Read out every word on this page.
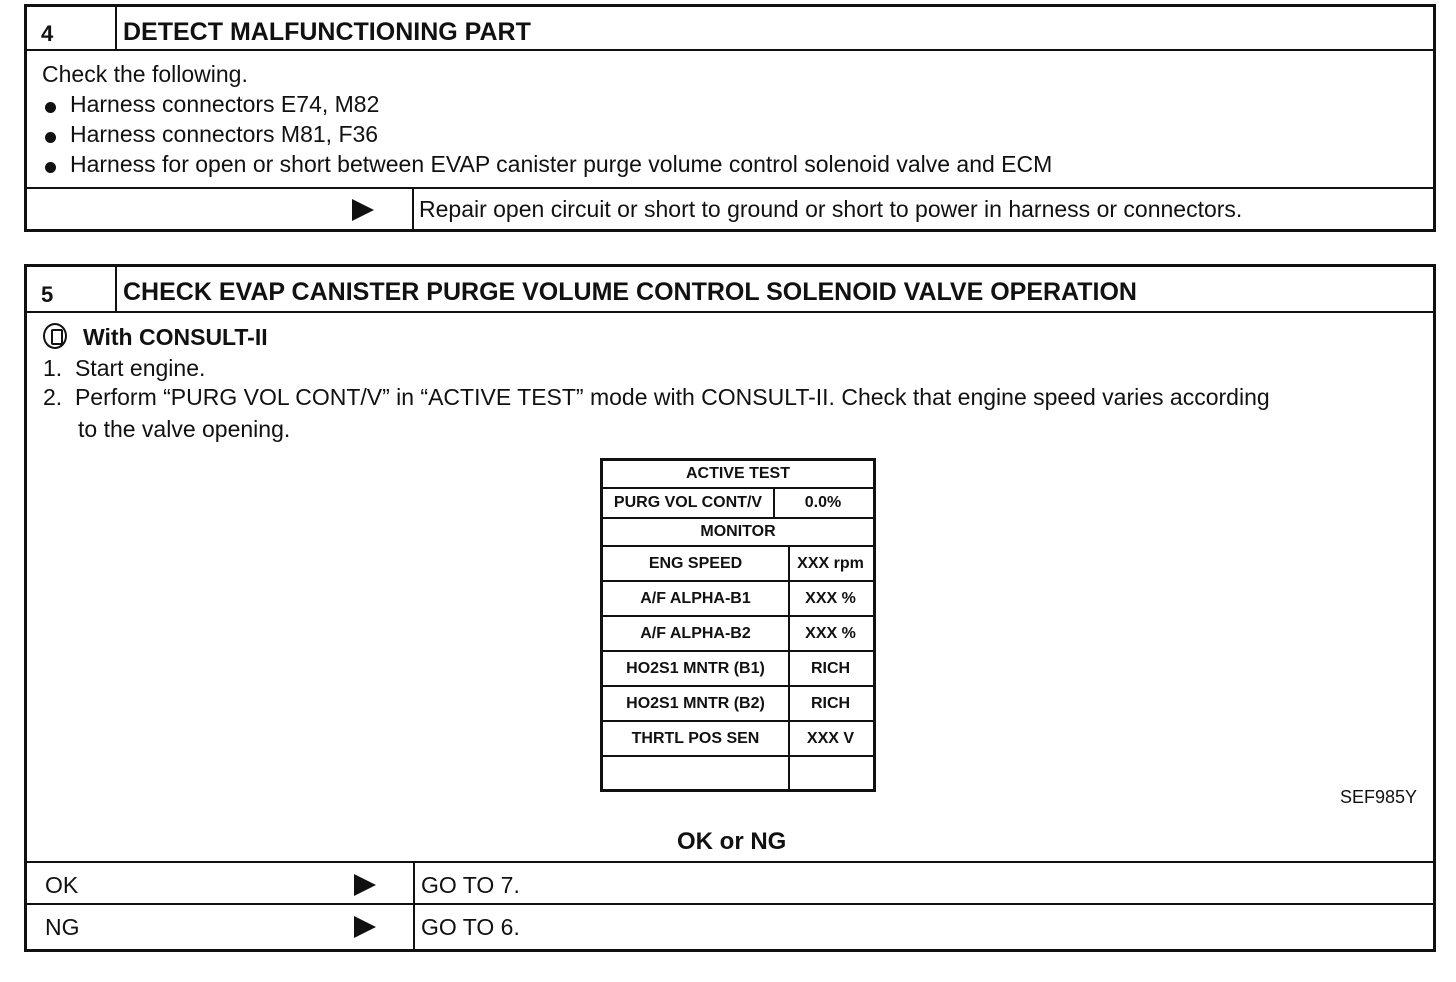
4	DETECT MALFUNCTIONING PART
Check the following.
Harness connectors E74, M82
Harness connectors M81, F36
Harness for open or short between EVAP canister purge volume control solenoid valve and ECM
Repair open circuit or short to ground or short to power in harness or connectors.
5	CHECK EVAP CANISTER PURGE VOLUME CONTROL SOLENOID VALVE OPERATION
With CONSULT-II
1.  Start engine.
2.  Perform “PURG VOL CONT/V” in “ACTIVE TEST” mode with CONSULT-II. Check that engine speed varies according
to the valve opening.
SEF985Y
OK or NG
OK	GO TO 7.
NG	GO TO 6.
ACTIVE TEST
PURG VOL CONT/V	0.0%
MONITOR
ENG SPEED	XXX rpm
A/F ALPHA-B1	XXX %
A/F ALPHA-B2	XXX %
HO2S1 MNTR (B1)	RICH
HO2S1 MNTR (B2)	RICH
THRTL POS SEN	XXX V
